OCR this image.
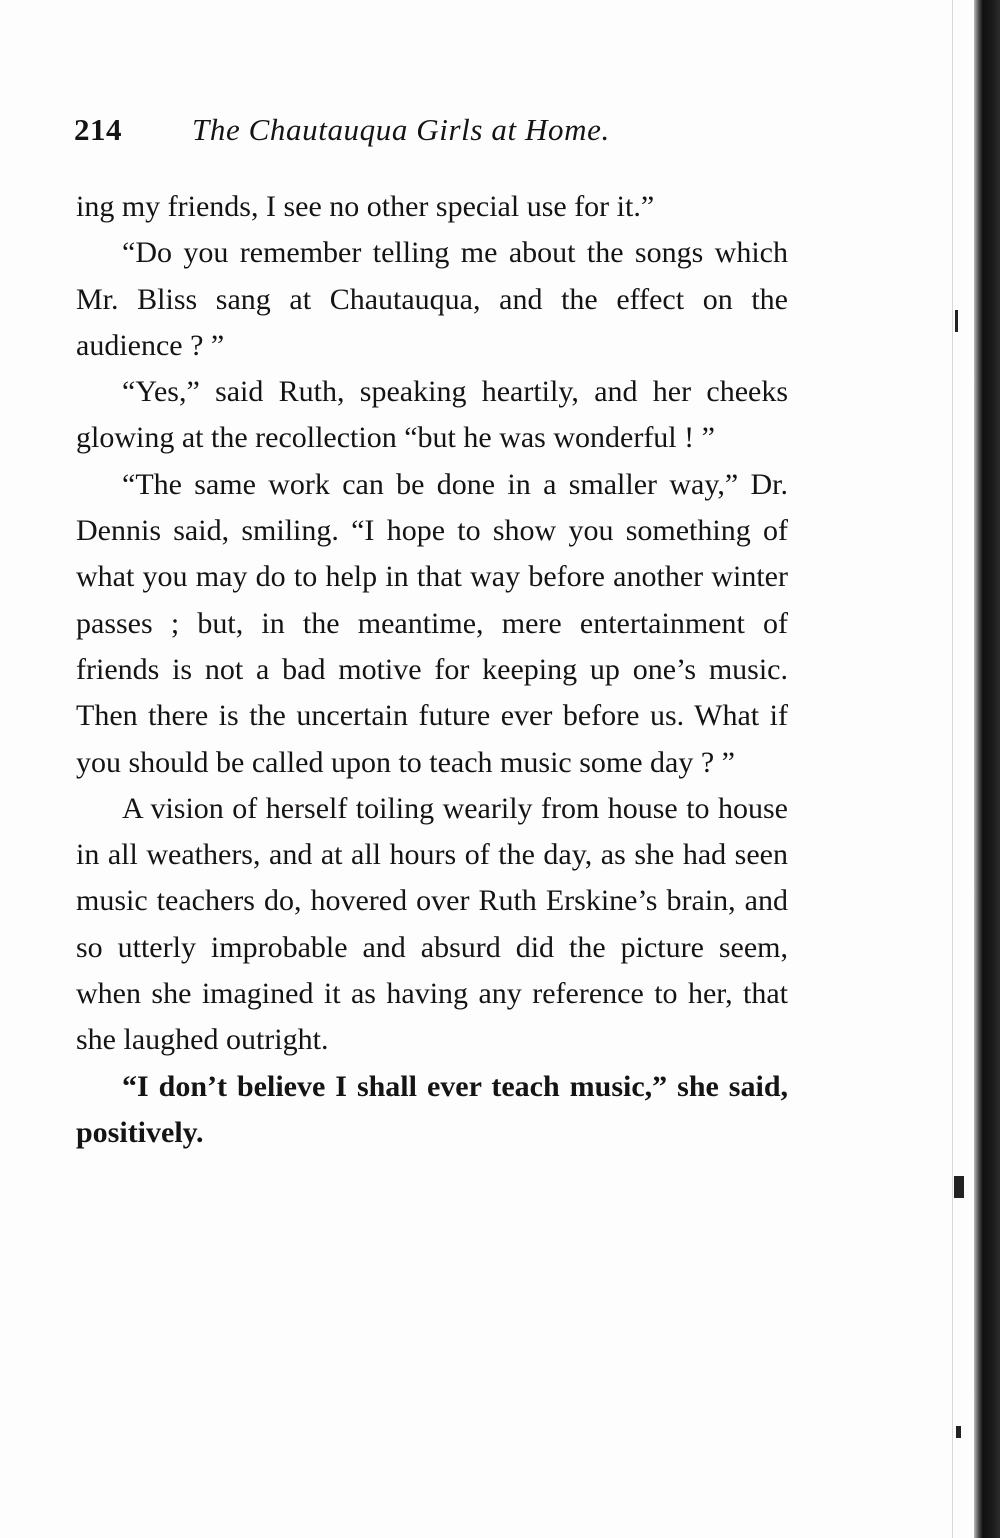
214 The Chautauqua Girls at Home.

ing my friends, I see no other special use for it.”

“Do you remember telling me about the songs which Mr. Bliss sang at Chautauqua, and the effect on the audience ? ”

“Yes,” said Ruth, speaking heartily, and her cheeks glowing at the recollection “but he was wonderful ! ”

“The same work can be done in a smaller way,” Dr. Dennis said, smiling. “I hope to show you something of what you may do to help in that way before another winter passes ; but, in the meantime, mere entertainment of friends is not a bad motive for keeping up one’s music. Then there is the uncertain future ever before us. What if you should be called upon to teach music some day ? ”

A vision of herself toiling wearily from house to house in all weathers, and at all hours of the day, as she had seen music teachers do, hovered over Ruth Erskine’s brain, and so utterly improbable and absurd did the picture seem, when she imagined it as having any reference to her, that she laughed outright.

“I don’t believe I shall ever teach music,” she said, positively.
